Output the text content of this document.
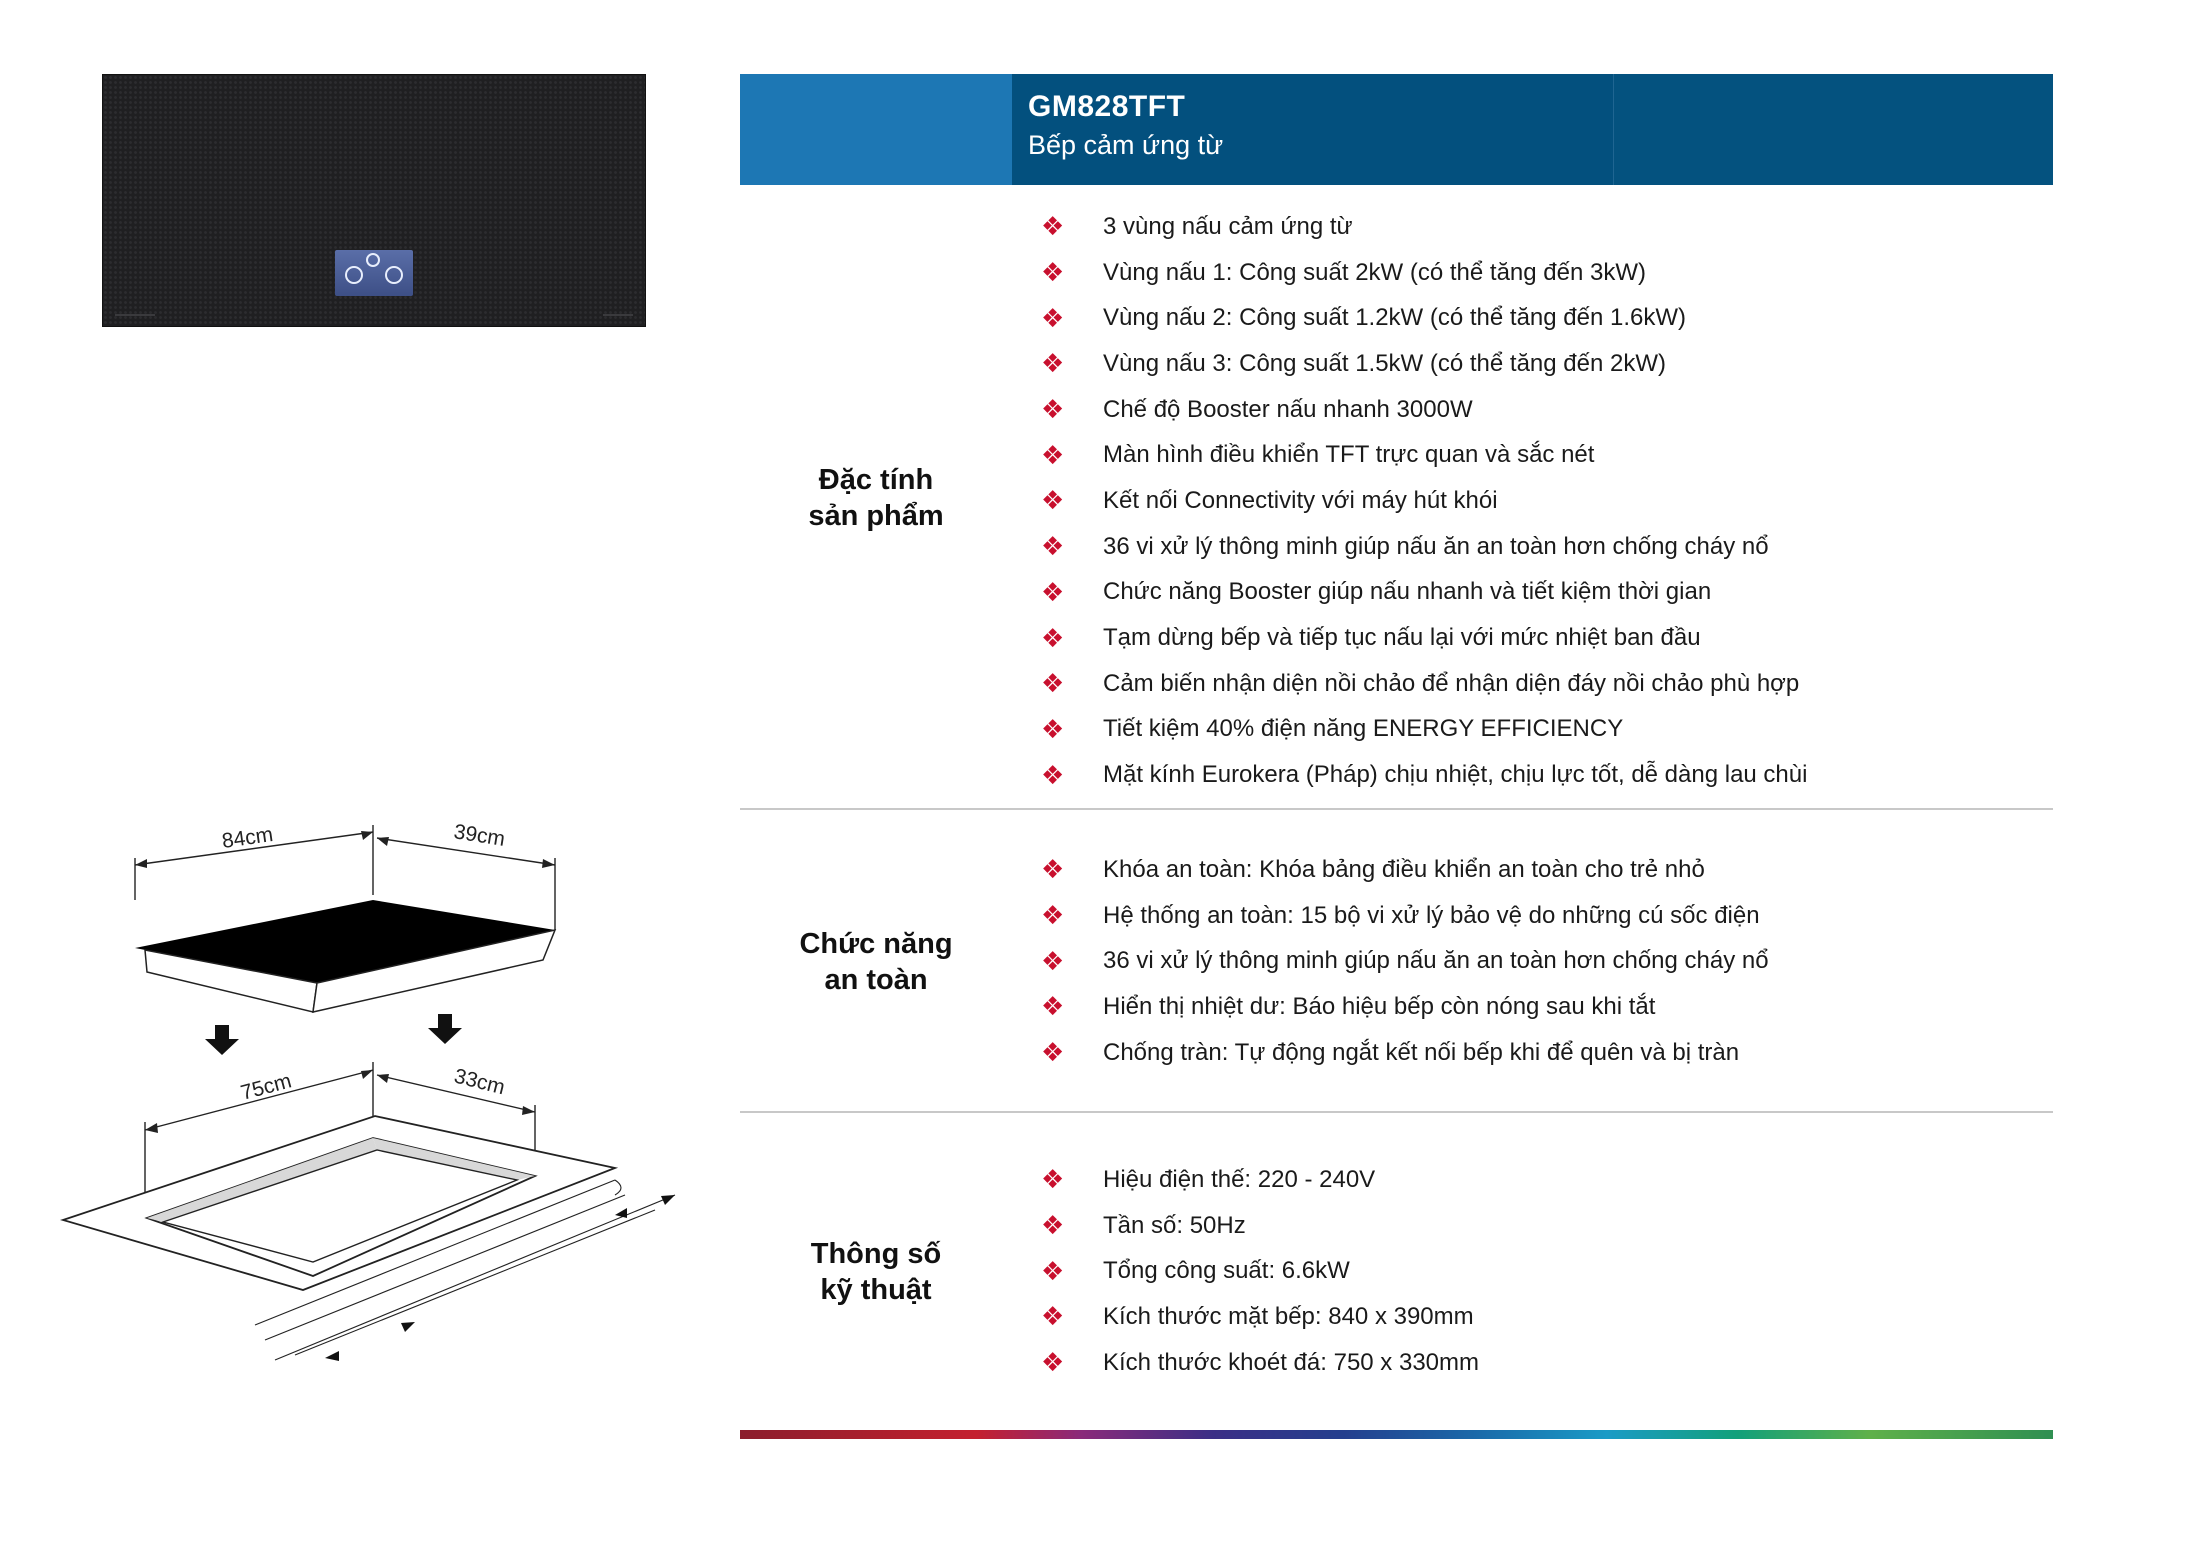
GM828TFT
Bếp cảm ứng từ
Đặc tính
sản phẩm
❖	3 vùng nấu cảm ứng từ
❖	Vùng nấu 1: Công suất 2kW (có thể tăng đến 3kW)
❖	Vùng nấu 2: Công suất 1.2kW (có thể tăng đến 1.6kW)
❖	Vùng nấu 3: Công suất 1.5kW (có thể tăng đến 2kW)
❖	Chế độ Booster nấu nhanh 3000W
❖	Màn hình điều khiển TFT trực quan và sắc nét
❖	Kết nối Connectivity với máy hút khói
❖	36 vi xử lý thông minh giúp nấu ăn an toàn hơn chống cháy nổ
❖	Chức năng Booster giúp nấu nhanh và tiết kiệm thời gian
❖	Tạm dừng bếp và tiếp tục nấu lại với mức nhiệt ban đầu
❖	Cảm biến nhận diện nồi chảo để nhận diện đáy nồi chảo phù hợp
❖	Tiết kiệm 40% điện năng ENERGY EFFICIENCY
❖	Mặt kính Eurokera (Pháp) chịu nhiệt, chịu lực tốt, dễ dàng lau chùi
Chức năng
an toàn
❖	Khóa an toàn: Khóa bảng điều khiển an toàn cho trẻ nhỏ
❖	Hệ thống an toàn: 15 bộ vi xử lý bảo vệ do những cú sốc điện
❖	36 vi xử lý thông minh giúp nấu ăn an toàn hơn chống cháy nổ
❖	Hiển thị nhiệt dư: Báo hiệu bếp còn nóng sau khi tắt
❖	Chống tràn: Tự động ngắt kết nối bếp khi để quên và bị tràn
Thông số
kỹ thuật
❖	Hiệu điện thế: 220 - 240V
❖	Tần số: 50Hz
❖	Tổng công suất: 6.6kW
❖	Kích thước mặt bếp: 840 x 390mm
❖	Kích thước khoét đá: 750 x 330mm
84cm	39cm
75cm	33cm
